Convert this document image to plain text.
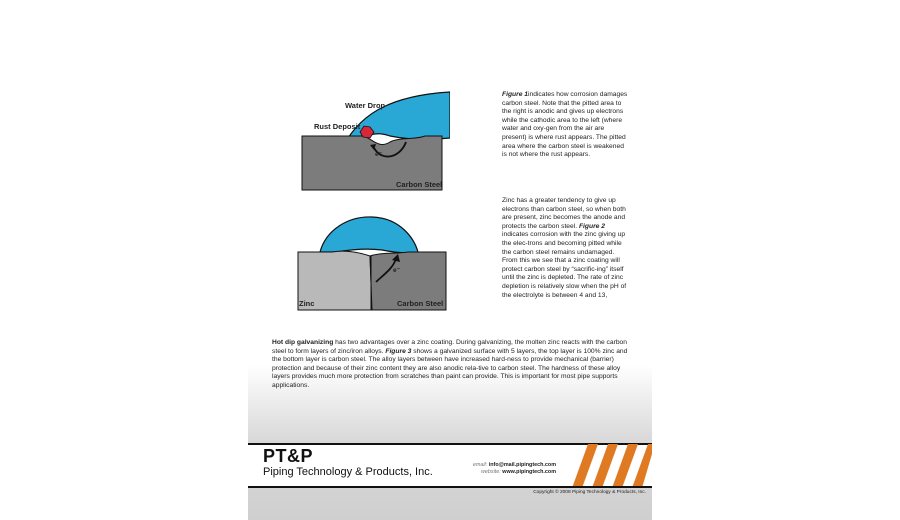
Water Drop
Rust Deposit
e⁻
Carbon Steel
Zinc	Carbon Steel
e⁻
Figure 1indicates how corrosion damages carbon steel. Note that the pitted area to the right is anodic and gives up electrons while the cathodic area to the left (where water and oxy-gen from the air are present) is where rust appears. The pitted area where the carbon steel is weakened is not where the rust appears.
Zinc has a greater tendency to give up electrons than carbon steel, so when both are present, zinc becomes the anode and protects the carbon steel. Figure 2 indicates corrosion with the zinc giving up the elec-trons and becoming pitted while the carbon steel remains undamaged. From this we see that a zinc coating will protect carbon steel by “sacrific-ing” itself until the zinc is depleted. The rate of zinc depletion is relatively slow when the pH of the electrolyte is between 4 and 13,
Hot dip galvanizing has two advantages over a zinc coating. During galvanizing, the molten zinc reacts with the carbon steel to form layers of zinc/iron alloys. Figure 3 shows a galvanized surface with 5 layers, the top layer is 100% zinc and the bottom layer is carbon steel. The alloy layers between have increased hard-ness to provide mechanical (barrier) protection and because of their zinc content they are also anodic rela-tive to carbon steel. The hardness of these alloy layers provides much more protection from scratches than paint can provide. This is important for most pipe supports applications.
PT&P
Piping Technology & Products, Inc.
email: info@mail.pipingtech.com
website: www.pipingtech.com
Copyright © 2008 Piping Technology & Products, Inc.
